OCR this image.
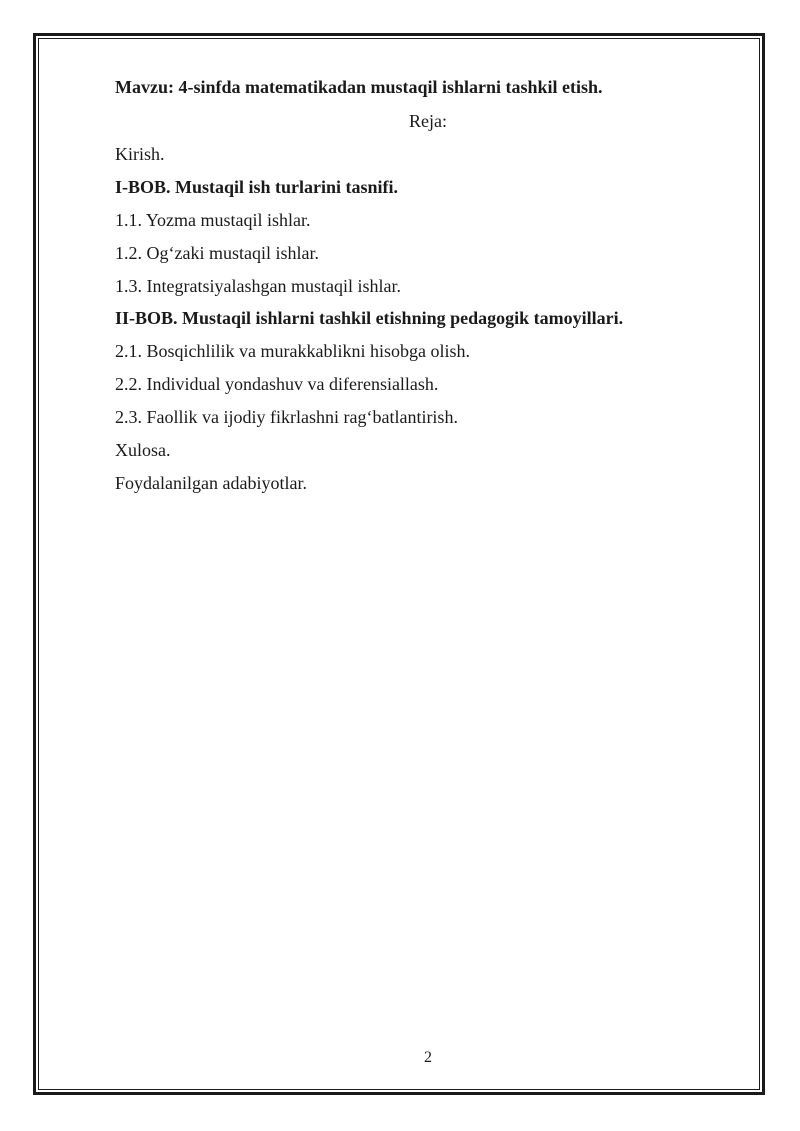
Mavzu: 4-sinfda matematikadan mustaqil ishlarni tashkil etish.
Reja:
Kirish.
I-BOB. Mustaqil ish turlarini tasnifi.
1.1. Yozma mustaqil ishlar.
1.2. Og‘zaki mustaqil ishlar.
1.3. Integratsiyalashgan mustaqil ishlar.
II-BOB. Mustaqil ishlarni tashkil etishning pedagogik tamoyillari.
2.1. Bosqichlilik va murakkablikni hisobga olish.
2.2. Individual yondashuv va diferensiallash.
2.3. Faollik va ijodiy fikrlashni rag‘batlantirish.
Xulosa.
Foydalanilgan adabiyotlar.
2
